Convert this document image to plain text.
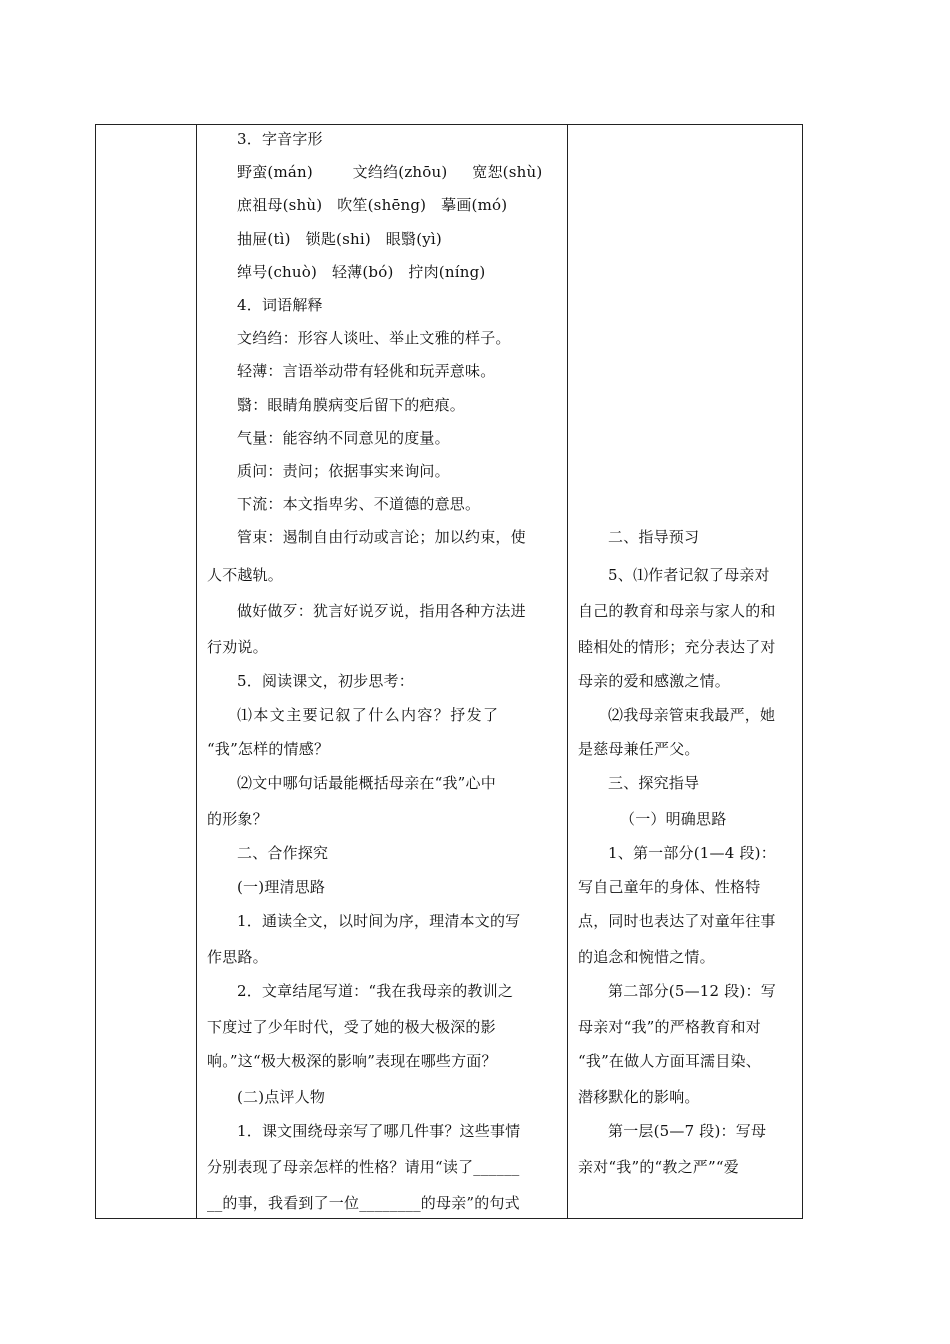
3．字音字形
野蛮(mán)        文绉绉(zhōu)     宽恕(shù)
庶祖母(shù)   吹笙(shēng)   摹画(mó)
抽屉(tì)   锁匙(shi)   眼翳(yì)
绰号(chuò)   轻薄(bó)   拧肉(níng)
4．词语解释
文绉绉：形容人谈吐、举止文雅的样子。
轻薄：言语举动带有轻佻和玩弄意味。
翳：眼睛角膜病变后留下的疤痕。
气量：能容纳不同意见的度量。
质问：责问；依据事实来询问。
下流：本文指卑劣、不道德的意思。
管束：遏制自由行动或言论；加以约束，使
人不越轨。
做好做歹：犹言好说歹说，指用各种方法进
行劝说。
5．阅读课文，初步思考：
⑴本文主要记叙了什么内容？抒发了
“我”怎样的情感？
⑵文中哪句话最能概括母亲在“我”心中
的形象？
二、合作探究
(一)理清思路
1．通读全文，以时间为序，理清本文的写
作思路。
2．文章结尾写道：“我在我母亲的教训之
下度过了少年时代，受了她的极大极深的影
响。”这“极大极深的影响”表现在哪些方面？
(二)点评人物
1．课文围绕母亲写了哪几件事？这些事情
分别表现了母亲怎样的性格？请用“读了______
__的事，我看到了一位________的母亲”的句式
二、指导预习
5、⑴作者记叙了母亲对
自己的教育和母亲与家人的和
睦相处的情形；充分表达了对
母亲的爱和感激之情。
⑵我母亲管束我最严，她
是慈母兼任严父。
三、探究指导
（一）明确思路
1、第一部分(1—4 段)：
写自己童年的身体、性格特
点，同时也表达了对童年往事
的追念和惋惜之情。
第二部分(5—12 段)：写
母亲对“我”的严格教育和对
“我”在做人方面耳濡目染、
潜移默化的影响。
第一层(5—7 段)：写母
亲对“我”的“教之严”“爱
